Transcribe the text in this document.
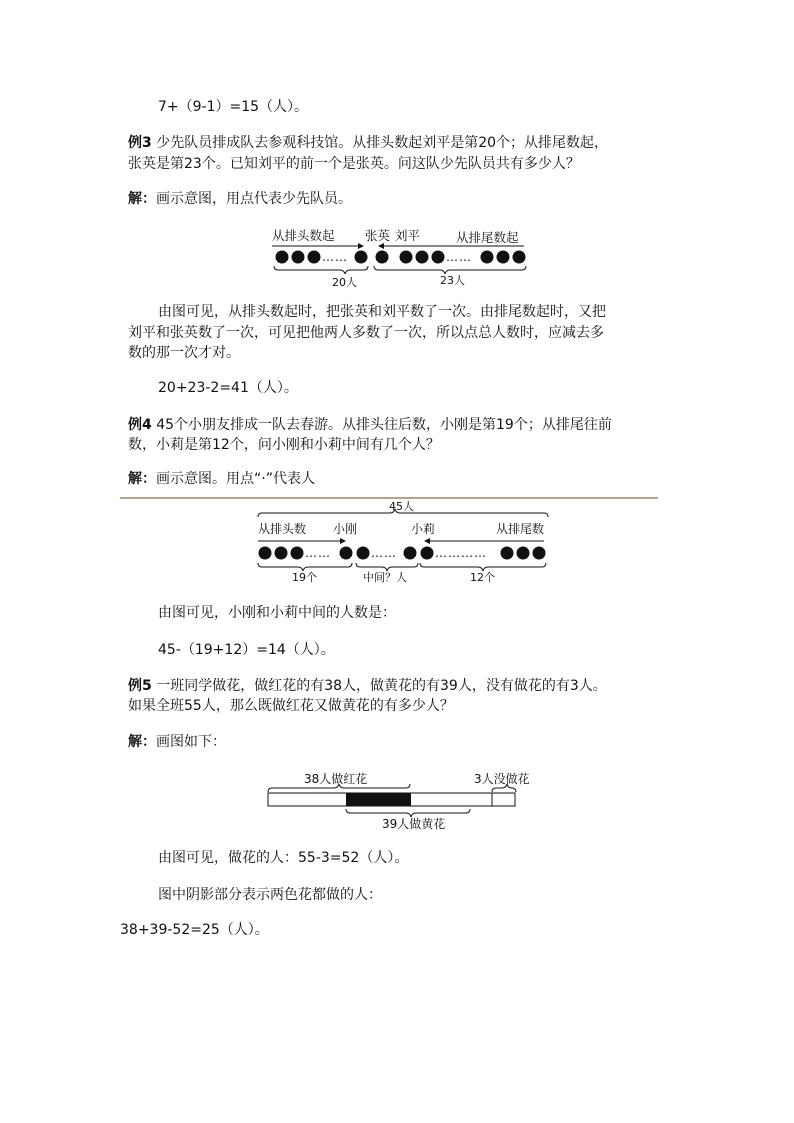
7+（9-1）=15（人）。
例3 少先队员排成队去参观科技馆。从排头数起刘平是第20个；从排尾数起，
张英是第23个。已知刘平的前一个是张英。问这队少先队员共有多少人？
解：画示意图，用点代表少先队员。
从排头数起 张英 刘平	从排尾数起
……	……
20人	23人
由图可见，从排头数起时，把张英和刘平数了一次。由排尾数起时，又把
刘平和张英数了一次，可见把他两人多数了一次，所以点总人数时，应减去多
数的那一次才对。
20+23-2=41（人）。
例4 45个小朋友排成一队去春游。从排头往后数，小刚是第19个；从排尾往前
数，小莉是第12个，问小刚和小莉中间有几个人？
解：画示意图。用点“·”代表人
45人
从排头数 小刚	小莉	从排尾数
……	……	…………
19个	中间？人	12个
由图可见，小刚和小莉中间的人数是：
45-（19+12）=14（人）。
例5 一班同学做花，做红花的有38人，做黄花的有39人，没有做花的有3人。
如果全班55人，那么既做红花又做黄花的有多少人？
解：画图如下：
38人做红花	3人没做花
39人做黄花
由图可见，做花的人：55-3=52（人）。
图中阴影部分表示两色花都做的人：
38+39-52=25（人）。
